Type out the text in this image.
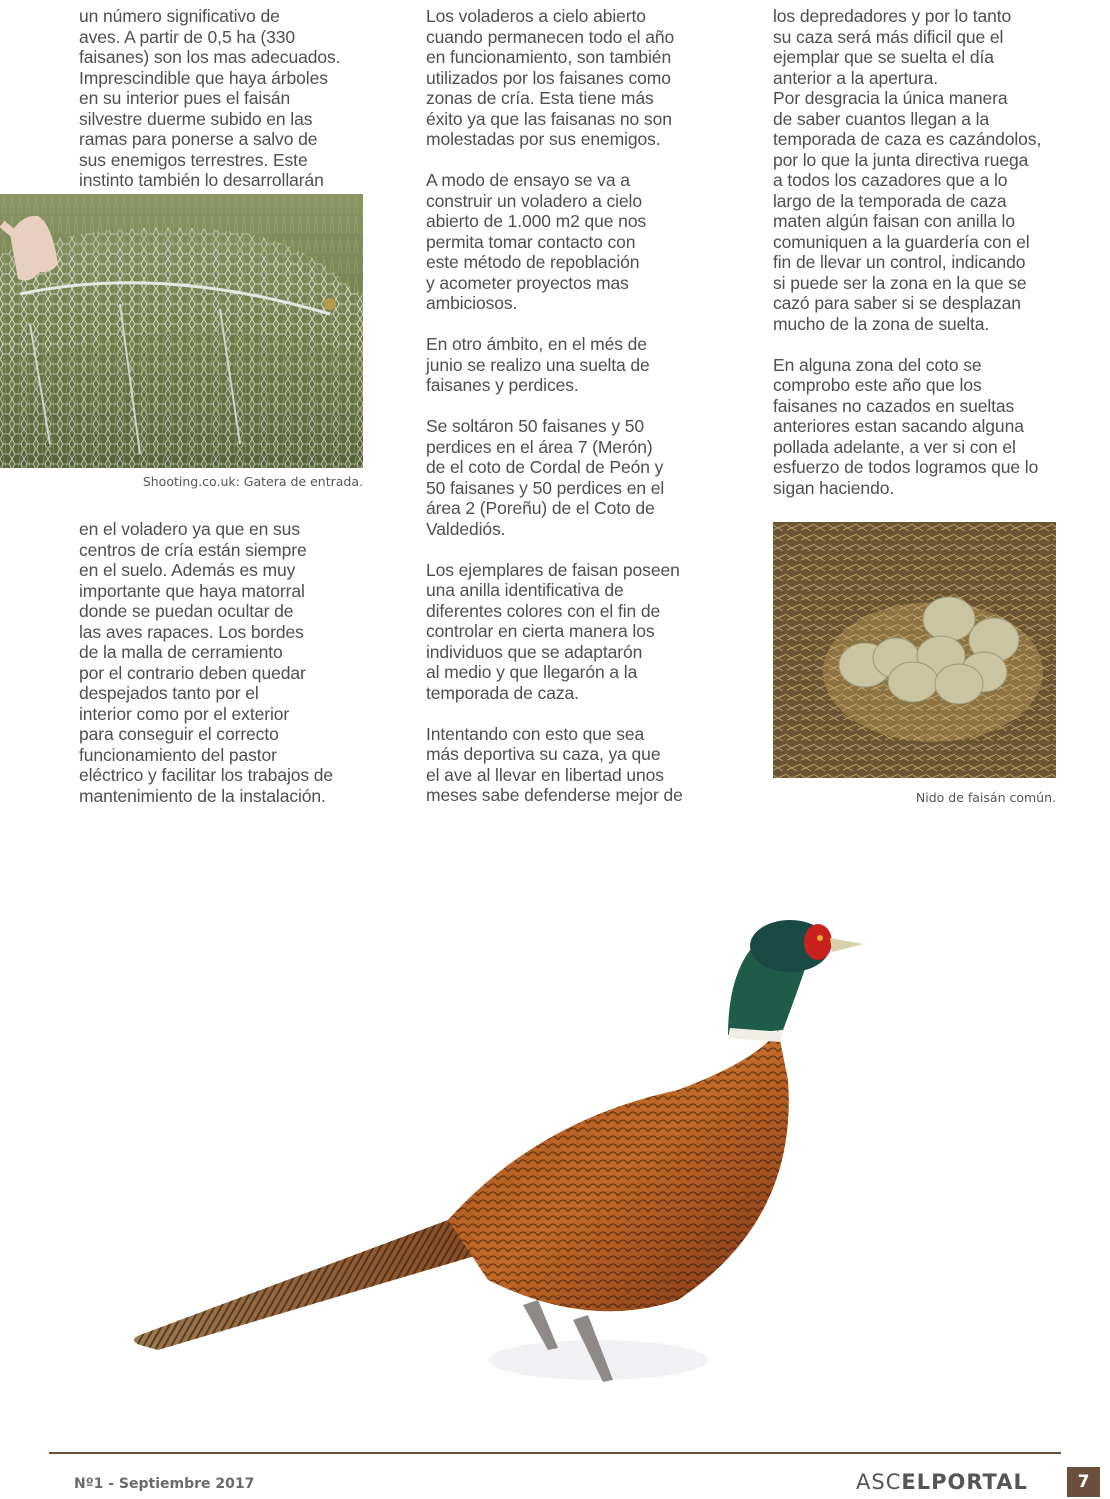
un número significativo de
aves. A partir de 0,5 ha (330
faisanes) son los mas adecuados.
Imprescindible que haya árboles
en su interior pues el faisán
silvestre duerme subido en las
ramas para ponerse a salvo de
sus enemigos terrestres. Este
instinto también lo desarrollarán

Shooting.co.uk: Gatera de entrada.

en el voladero ya que en sus
centros de cría están siempre
en el suelo. Además es muy
importante que haya matorral
donde se puedan ocultar de
las aves rapaces. Los bordes
de la malla de cerramiento
por el contrario deben quedar
despejados tanto por el
interior como por el exterior
para conseguir el correcto
funcionamiento del pastor
eléctrico y facilitar los trabajos de
mantenimiento de la instalación.

Los voladeros a cielo abierto
cuando permanecen todo el año
en funcionamiento, son también
utilizados por los faisanes como
zonas de cría. Esta tiene más
éxito ya que las faisanas no son
molestadas por sus enemigos.

A modo de ensayo se va a
construir un voladero a cielo
abierto de 1.000 m2 que nos
permita tomar contacto con
este método de repoblación
y acometer proyectos mas
ambiciosos.

En otro ámbito, en el més de
junio se realizo una suelta de
faisanes y perdices.

Se soltáron 50 faisanes y 50
perdices en el área 7 (Merón)
de el coto de Cordal de Peón y
50 faisanes y 50 perdices en el
área 2 (Poreñu) de el Coto de
Valdediós.

Los ejemplares de faisan poseen
una anilla identificativa de
diferentes colores con el fin de
controlar en cierta manera los
individuos que se adaptarón
al medio y que llegarón a la
temporada de caza.

Intentando con esto que sea
más deportiva su caza, ya que
el ave al llevar en libertad unos
meses sabe defenderse mejor de

los depredadores y por lo tanto
su caza será más dificil que el
ejemplar que se suelta el día
anterior a la apertura.
Por desgracia la única manera
de saber cuantos llegan a la
temporada de caza es cazándolos,
por lo que la junta directiva ruega
a todos los cazadores que a lo
largo de la temporada de caza
maten algún faisan con anilla lo
comuniquen a la guardería con el
fin de llevar un control, indicando
si puede ser la zona en la que se
cazó para saber si se desplazan
mucho de la zona de suelta.

En alguna zona del coto se
comprobo este año que los
faisanes no cazados en sueltas
anteriores estan sacando alguna
pollada adelante, a ver si con el
esfuerzo de todos logramos que lo
sigan haciendo.

Nido de faisán común.
Nº1 - Septiembre 2017	ASCELPORTAL	7
